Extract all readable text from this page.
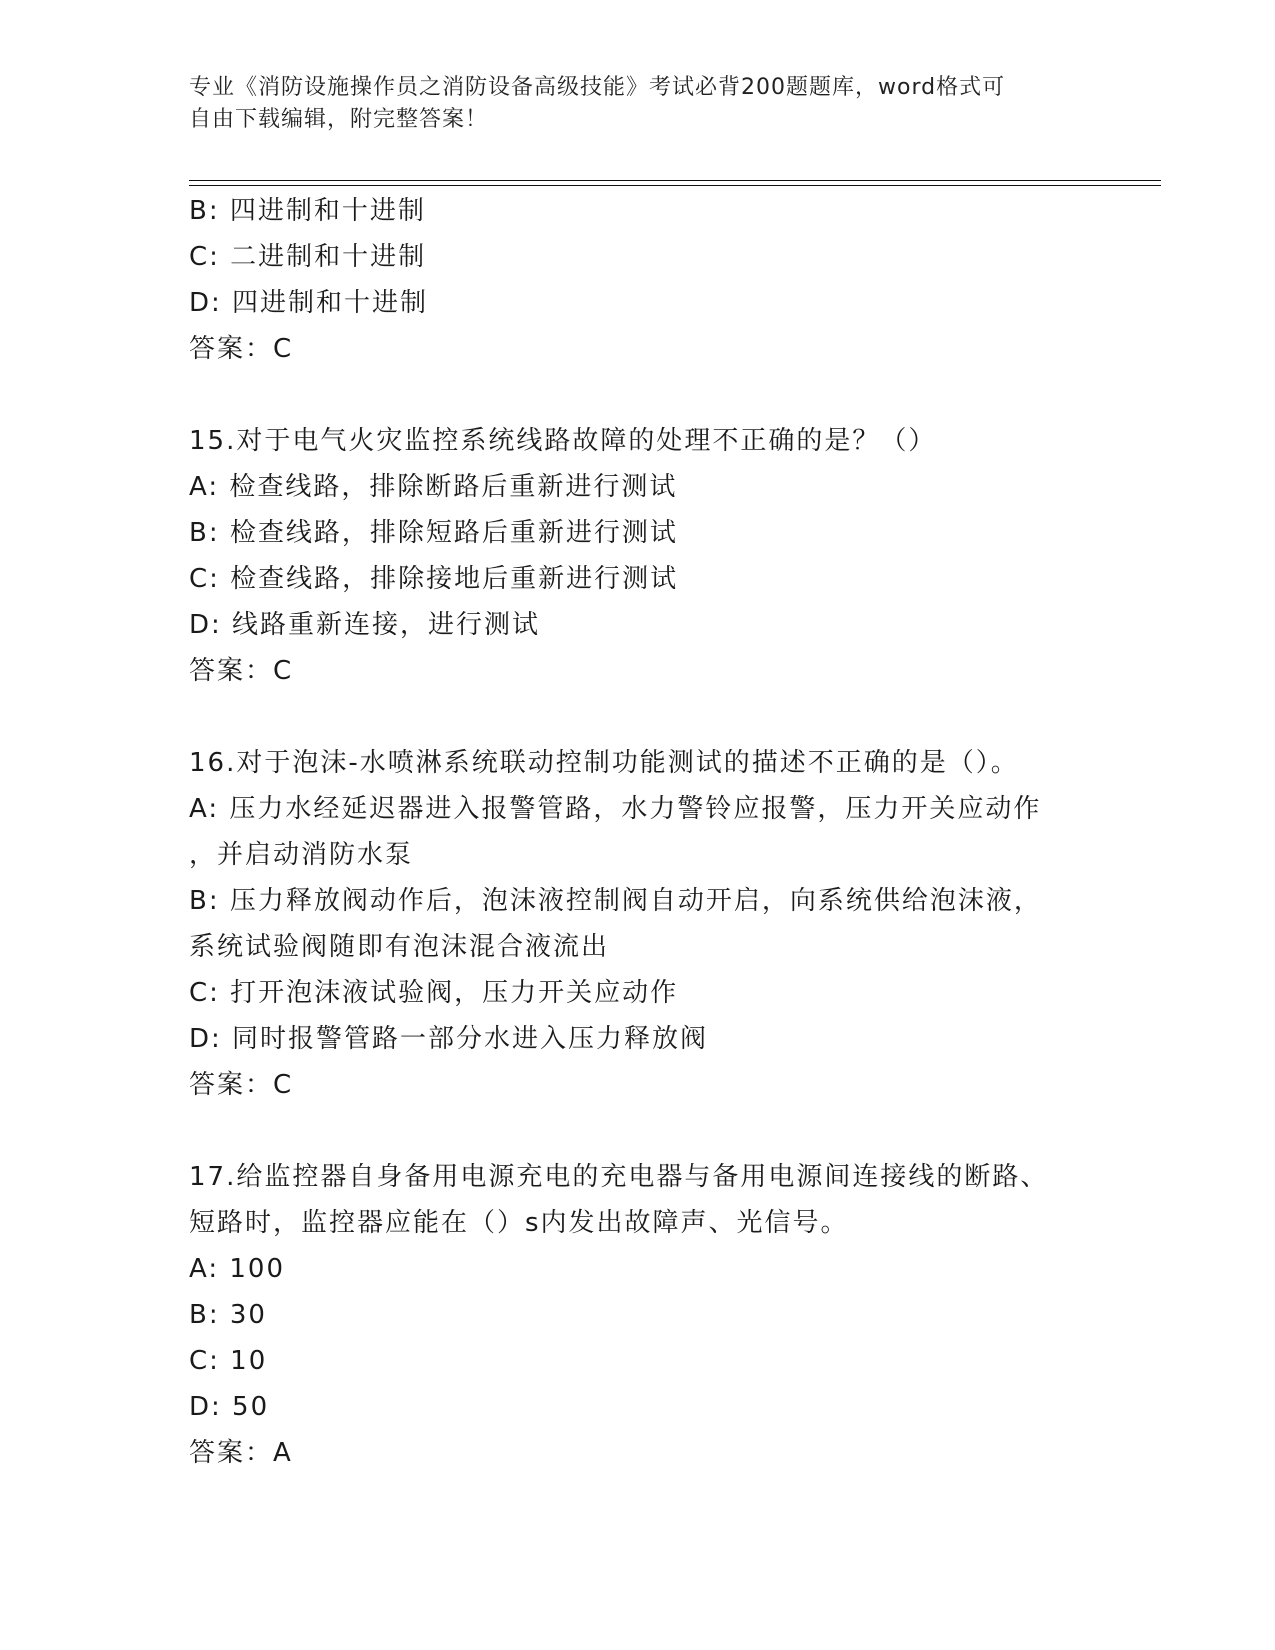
专业《消防设施操作员之消防设备高级技能》考试必背200题题库，word格式可
自由下载编辑，附完整答案！
B: 四进制和十进制
C: 二进制和十进制
D: 四进制和十进制
答案：C
15.对于电气火灾监控系统线路故障的处理不正确的是？（）
A: 检查线路，排除断路后重新进行测试
B: 检查线路，排除短路后重新进行测试
C: 检查线路，排除接地后重新进行测试
D: 线路重新连接，进行测试
答案：C
16.对于泡沫-水喷淋系统联动控制功能测试的描述不正确的是（）。
A: 压力水经延迟器进入报警管路，水力警铃应报警，压力开关应动作
，并启动消防水泵
B: 压力释放阀动作后，泡沫液控制阀自动开启，向系统供给泡沫液，
系统试验阀随即有泡沫混合液流出
C: 打开泡沫液试验阀，压力开关应动作
D: 同时报警管路一部分水进入压力释放阀
答案：C
17.给监控器自身备用电源充电的充电器与备用电源间连接线的断路、
短路时，监控器应能在（）s内发出故障声、光信号。
A: 100
B: 30
C: 10
D: 50
答案：A
